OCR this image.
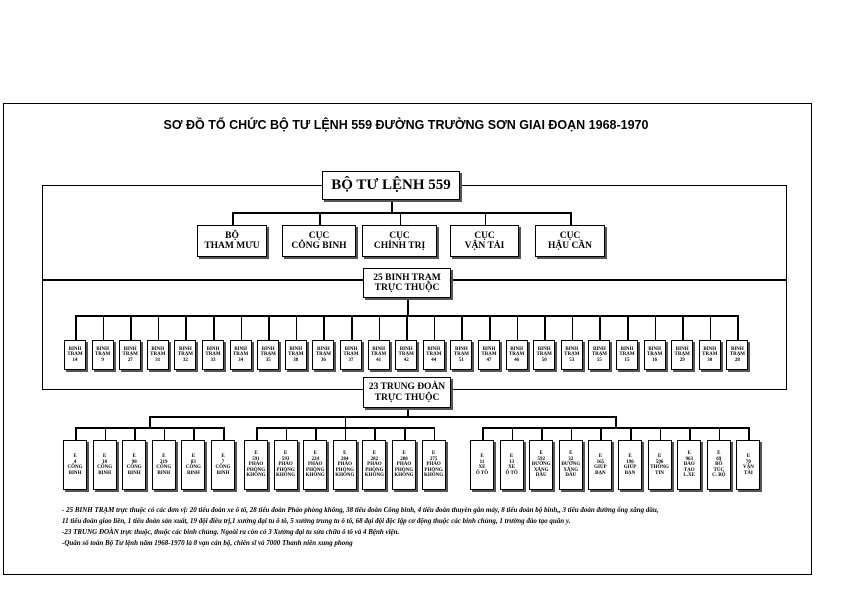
SƠ ĐỒ TỔ CHỨC BỘ TƯ LỆNH 559 ĐƯỜNG TRƯỜNG SƠN GIAI ĐOẠN 1968-1970
BỘ
THAM MƯU
CỤC
CÔNG BINH
CỤC
CHÍNH TRỊ
CỤC
VẬN TẢI
CỤC
HẬU CẦN
BINH
TRẠM
14
BINH
TRẠM
9
BINH
TRẠM
27
BINH
TRẠM
31
BINH
TRẠM
32
BINH
TRẠM
33
BINH
TRẠM
34
BINH
TRẠM
35
BINH
TRẠM
38
BINH
TRẠM
36
BINH
TRẠM
37
BINH
TRẠM
41
BINH
TRẠM
42
BINH
TRẠM
44
BINH
TRẠM
51
BINH
TRẠM
47
BINH
TRẠM
46
BINH
TRẠM
50
BINH
TRẠM
53
BINH
TRẠM
55
BINH
TRẠM
15
BINH
TRẠM
16
BINH
TRẠM
29
BINH
TRẠM
30
BINH
TRẠM
28
E
4
CÔNG
BINH
E
10
CÔNG
BINH
E
98
CÔNG
BINH
E
219
CÔNG
BINH
E
83
CÔNG
BINH
E
7
CÔNG
BINH
E
591
PHÁO
PHÒNG
KHÔNG
E
593
PHÁO
PHÒNG
KHÔNG
E
224
PHÁO
PHÒNG
KHÔNG
E
284
PHÁO
PHÒNG
KHÔNG
E
282
PHÁO
PHÒNG
KHÔNG
E
280
PHÁO
PHÒNG
KHÔNG
E
275
PHÁO
PHÒNG
KHÔNG
E
11
XE
Ô TÔ
E
13
XE
Ô TÔ
E
592
ĐƯỜNG
XĂNG
DẦU
E
32
ĐƯỜNG
XĂNG
DẦU
E
165
GIÚP
BẠN
E
196
GIÚP
BẠN
E
596
THÔNG
TIN
E
963
ĐÀO
TẠO
L.XE
E
69
BỔ
TÚC
C. BỘ
E
70
VẬN
TẢI
BỘ TƯ LỆNH 559
25 BINH TRẠM
TRỰC THUỘC
23 TRUNG ĐOÀN
TRỰC THUỘC
- 25 BINH TRẠM trực thuộc có các đơn vị: 20 tiểu đoàn xe ô tô, 28 tiểu đoàn Pháo phòng không, 38 tiểu đoàn Công binh, 4 tiểu đoàn thuyền gắn máy, 8 tiểu đoàn bộ binh,, 3 tiểu đoàn đường ống xăng dầu,
11 tiểu đoàn giao liên, 1 tiểu đoàn sản xuất, 19 đội điều trị,1 xưởng đại tu ô tô, 5 xưởng trung tu ô tô, 68 đại đội độc lập cơ động thuộc các binh chủng, 1 trường đào tạo quân y.
-23 TRUNG ĐOÀN trực thuộc, thuộc các binh chủng. Ngoài ra còn có 3 Xưởng đại tu sửa chữa ô tô và 4 Bệnh viện.
-Quân số toàn Bộ Tư lệnh năm 1968-1970 là 8 vạn cán bộ, chiến sĩ và 7000 Thanh niên xung phong
